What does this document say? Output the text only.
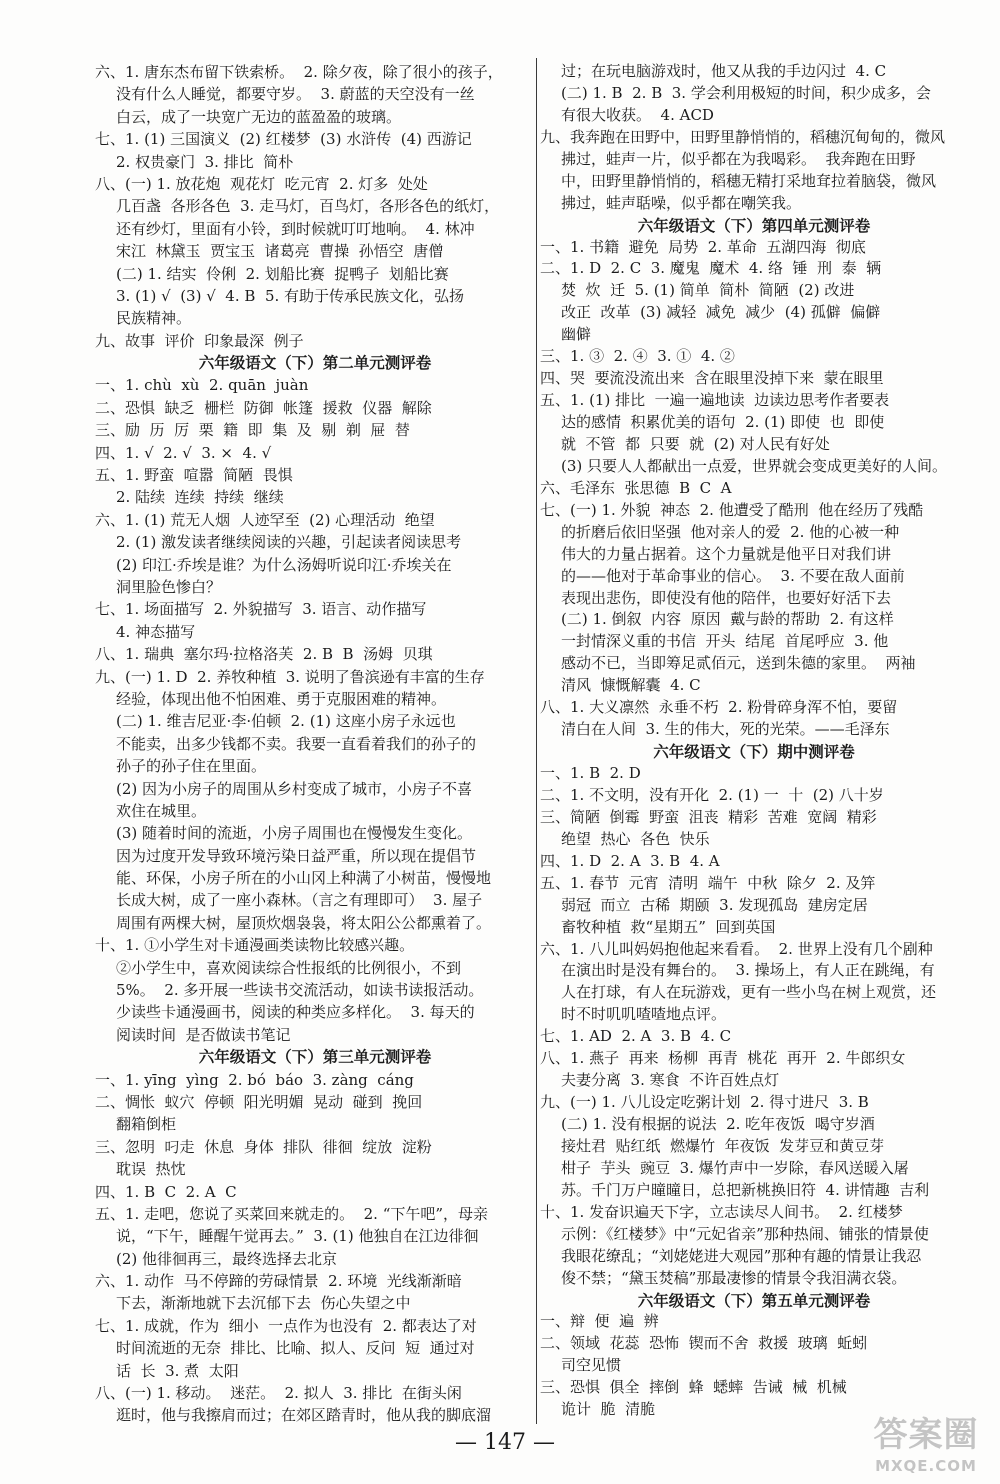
六、1. 唐东杰布留下铁索桥。  2. 除夕夜，除了很小的孩子，
没有什么人睡觉，都要守岁。  3. 蔚蓝的天空没有一丝
白云，成了一块宽广无边的蓝盈盈的玻璃。
七、1. (1) 三国演义  (2) 红楼梦  (3) 水浒传  (4) 西游记
2. 权贵豪门  3. 排比  简朴
八、(一) 1. 放花炮  观花灯  吃元宵  2. 灯多  处处
几百盏  各形各色  3. 走马灯，百鸟灯，各形各色的纸灯，
还有纱灯，里面有小铃，到时候就叮叮地响。  4. 林冲
宋江  林黛玉  贾宝玉  诸葛亮  曹操  孙悟空  唐僧
(二) 1. 结实  伶俐  2. 划船比赛  捉鸭子  划船比赛
3. (1) √  (3) √  4. B  5. 有助于传承民族文化，弘扬
民族精神。
九、故事  评价  印象最深  例子
六年级语文（下）第二单元测评卷
一、1. chù  xù  2. quān  juàn
二、恐惧  缺乏  栅栏  防御  帐篷  援救  仪器  解除
三、励  历  厉  栗  籍  即  集  及  剔  剃  屉  替
四、1. √  2. √  3. ×  4. √
五、1. 野蛮  喧嚣  简陋  畏惧
2. 陆续  连续  持续  继续
六、1. (1) 荒无人烟  人迹罕至  (2) 心理活动  绝望
2. (1) 激发读者继续阅读的兴趣，引起读者阅读思考
(2) 印江·乔埃是谁？为什么汤姆听说印江·乔埃关在
洞里脸色惨白？
七、1. 场面描写  2. 外貌描写  3. 语言、动作描写
4. 神态描写
八、1. 瑞典  塞尔玛·拉格洛芙  2. B  B  汤姆  贝琪
九、(一) 1. D  2. 养牧种植  3. 说明了鲁滨逊有丰富的生存
经验，体现出他不怕困难、勇于克服困难的精神。
(二) 1. 维吉尼亚·李·伯顿  2. (1) 这座小房子永远也
不能卖，出多少钱都不卖。我要一直看着我们的孙子的
孙子的孙子住在里面。
(2) 因为小房子的周围从乡村变成了城市，小房子不喜
欢住在城里。
(3) 随着时间的流逝，小房子周围也在慢慢发生变化。
因为过度开发导致环境污染日益严重，所以现在提倡节
能、环保，小房子所在的小山冈上种满了小树苗，慢慢地
长成大树，成了一座小森林。（言之有理即可）  3. 屋子
周围有两棵大树，屋顶炊烟袅袅，将太阳公公都熏着了。
十、1. ①小学生对卡通漫画类读物比较感兴趣。
②小学生中，喜欢阅读综合性报纸的比例很小，不到
5%。  2. 多开展一些读书交流活动，如读书读报活动。
少读些卡通漫画书，阅读的种类应多样化。  3. 每天的
阅读时间  是否做读书笔记
六年级语文（下）第三单元测评卷
一、1. yīng  yìng  2. bó  báo  3. zàng  cáng
二、惆怅  蚁穴  停顿  阳光明媚  晃动  碰到  挽回
翻箱倒柜
三、忽明  叼走  休息  身体  排队  徘徊  绽放  淀粉
耽误  热忱
四、1. B  C  2. A  C
五、1. 走吧，您说了买菜回来就走的。  2. “下午吧”，母亲
说，“下午，睡醒午觉再去。”  3. (1) 他独自在江边徘徊
(2) 他徘徊再三，最终选择去北京
六、1. 动作  马不停蹄的劳碌情景  2. 环境  光线渐渐暗
下去，渐渐地就下去沉郁下去  伤心失望之中
七、1. 成就，作为  细小  一点作为也没有  2. 都表达了对
时间流逝的无奈  排比、比喻、拟人、反问  短  通过对
话  长  3. 煮  太阳
八、(一) 1. 移动。  迷茫。  2. 拟人  3. 排比  在街头闲
逛时，他与我擦肩而过；在郊区踏青时，他从我的脚底溜
过；在玩电脑游戏时，他又从我的手边闪过  4. C
(二) 1. B  2. B  3. 学会利用极短的时间，积少成多，会
有很大收获。  4. ACD
九、我奔跑在田野中，田野里静悄悄的，稻穗沉甸甸的，微风
拂过，蛙声一片，似乎都在为我喝彩。  我奔跑在田野
中，田野里静悄悄的，稻穗无精打采地耷拉着脑袋，微风
拂过，蛙声聒噪，似乎都在嘲笑我。
六年级语文（下）第四单元测评卷
一、1. 书籍  避免  局势  2. 革命  五湖四海  彻底
二、1. D  2. C  3. 魔鬼  魔术  4. 络  锤  刑  泰  辆
焚  炊  迁  5. (1) 简单  简朴  简陋  (2) 改进
改正  改革  (3) 减轻  减免  减少  (4) 孤僻  偏僻
幽僻
三、1. ③  2. ④  3. ①  4. ②
四、哭  要流没流出来  含在眼里没掉下来  蒙在眼里
五、1. (1) 排比  一遍一遍地读  边读边思考作者要表
达的感情  积累优美的语句  2. (1) 即使  也  即使
就  不管  都  只要  就  (2) 对人民有好处
(3) 只要人人都献出一点爱，世界就会变成更美好的人间。
六、毛泽东  张思德  B  C  A
七、(一) 1. 外貌  神态  2. 他遭受了酷刑  他在经历了残酷
的折磨后依旧坚强  他对亲人的爱  2. 他的心被一种
伟大的力量占据着。这个力量就是他平日对我们讲
的——他对于革命事业的信心。  3. 不要在敌人面前
表现出悲伤，即使没有他的陪伴，也要好好活下去
(二) 1. 倒叙  内容  原因  戴与龄的帮助  2. 有这样
一封情深义重的书信  开头  结尾  首尾呼应  3. 他
感动不已，当即筹足贰佰元，送到朱德的家里。  两袖
清风  慷慨解囊  4. C
八、1. 大义凛然  永垂不朽  2. 粉骨碎身浑不怕，要留
清白在人间  3. 生的伟大，死的光荣。——毛泽东
六年级语文（下）期中测评卷
一、1. B  2. D
二、1. 不文明，没有开化  2. (1) 一  十  (2) 八十岁
三、简陋  倒霉  野蛮  沮丧  精彩  苦难  宽阔  精彩
绝望  热心  各色  快乐
四、1. D  2. A  3. B  4. A
五、1. 春节  元宵  清明  端午  中秋  除夕  2. 及笄
弱冠  而立  古稀  期颐  3. 发现孤岛  建房定居
畜牧种植  救“星期五”  回到英国
六、1. 八儿叫妈妈抱他起来看看。  2. 世界上没有几个剧种
在演出时是没有舞台的。  3. 操场上，有人正在跳绳，有
人在打球，有人在玩游戏，更有一些小鸟在树上观赏，还
时不时叽叽喳喳地点评。
七、1. AD  2. A  3. B  4. C
八、1. 燕子  再来  杨柳  再青  桃花  再开  2. 牛郎织女
夫妻分离  3. 寒食  不许百姓点灯
九、(一) 1. 八儿设定吃粥计划  2. 得寸进尺  3. B
(二) 1. 没有根据的说法  2. 吃年夜饭  喝守岁酒
接灶君  贴红纸  燃爆竹  年夜饭  发芽豆和黄豆芽
柑子  芋头  豌豆  3. 爆竹声中一岁除，春风送暖入屠
苏。千门万户曈曈日，总把新桃换旧符  4. 讲情趣  吉利
十、1. 发奋识遍天下字，立志读尽人间书。  2. 红楼梦
示例：《红楼梦》中“元妃省亲”那种热闹、铺张的情景使
我眼花缭乱；“刘姥姥进大观园”那种有趣的情景让我忍
俊不禁；“黛玉焚稿”那最凄惨的情景令我泪满衣袋。
六年级语文（下）第五单元测评卷
一、辩  便  遍  辨
二、领域  花蕊  恐怖  锲而不舍  救援  玻璃  蚯蚓
司空见惯
三、恐惧  俱全  摔倒  蜂  蟋蟀  告诫  械  机械
诡计  脆  清脆
— 147 —	答案圈
MXQE.COM
